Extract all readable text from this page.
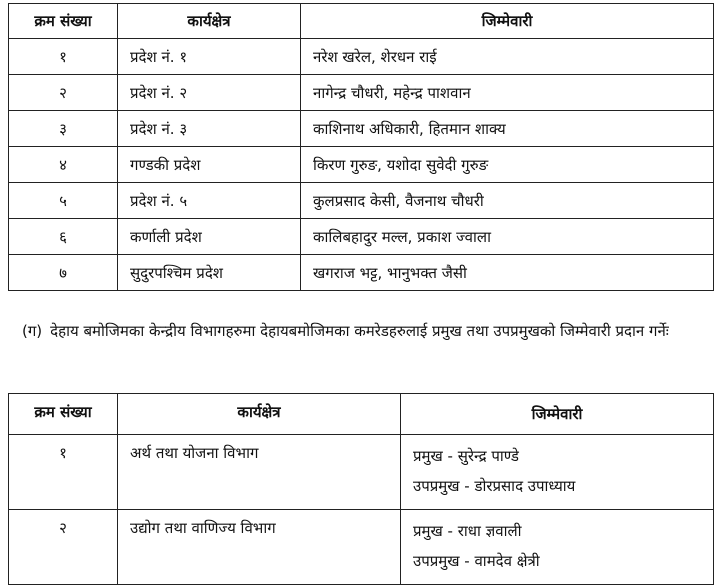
क्रम संख्या	कार्यक्षेत्र	जिम्मेवारी
१	प्रदेश नं. १	नरेश खरेल, शेरधन राई
२	प्रदेश नं. २	नागेन्द्र चौधरी, महेन्द्र पाशवान
३	प्रदेश नं. ३	काशिनाथ अधिकारी, हितमान शाक्य
४	गण्डकी प्रदेश	किरण गुरुङ, यशोदा सुवेदी गुरुङ
५	प्रदेश नं. ५	कुलप्रसाद केसी, वैजनाथ चौधरी
६	कर्णाली प्रदेश	कालिबहादुर मल्ल, प्रकाश ज्वाला
७	सुदुरपश्चिम प्रदेश	खगराज भट्ट, भानुभक्त जैसी
(ग) देहाय बमोजिमका केन्द्रीय विभागहरुमा देहायबमोजिमका कमरेडहरुलाई प्रमुख तथा उपप्रमुखको जिम्मेवारी प्रदान गर्नेः
क्रम संख्या	कार्यक्षेत्र	जिम्मेवारी
१	अर्थ तथा योजना विभाग	प्रमुख - सुरेन्द्र पाण्डे
उपप्रमुख - डोरप्रसाद उपाध्याय

२	उद्योग तथा वाणिज्य विभाग	प्रमुख - राधा ज्ञवाली
उपप्रमुख - वामदेव क्षेत्री
